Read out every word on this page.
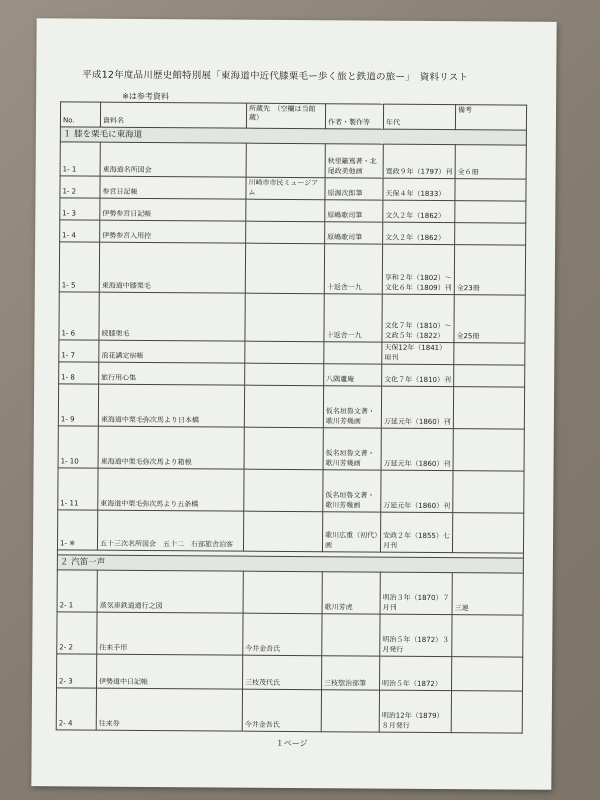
平成12年度品川歴史館特別展「東海道中近代膝栗毛ー歩く旅と鉄道の旅ー」　資料リスト
※は参考資料
No.	資料名	所蔵先　（空欄は当館蔵）	作者・製作等	年代	備考
１ 膝を栗毛に東海道					
1- 1	東海道名所図会		秋里籬嶌著・北尾政美他画	寛政９年（1797）刊	全６冊
1- 2	参宮日記帳	川崎市市民ミュージアム	原源次郎筆	天保４年（1833）	
1- 3	伊勢参宮日記帳		原嶋歌司筆	文久２年（1862）	
1- 4	伊勢参宮入用控		原嶋歌司筆	文久２年（1862）	
1- 5	東海道中膝栗毛		十返舎一九	享和２年（1802）〜文化６年（1809）刊	全23冊
1- 6	続膝栗毛		十返舎一九	文化７年（1810）〜文政５年（1822）	全25冊
1- 7	浪花講定宿帳			天保12年（1841）頃刊	
1- 8	旅行用心集		八隅蘆庵	文化７年（1810）刊	
1- 9	東海道中栗毛弥次馬より日本橋		仮名垣魯文著・歌川芳幾画	万延元年（1860）刊	
1- 10	東海道中栗毛弥次馬より箱根		仮名垣魯文著・歌川芳幾画	万延元年（1860）刊	
1- 11	東海道中栗毛弥次馬より五条橋		仮名垣魯文著・歌川芳幾画	万延元年（1860）刊	
1- ※	五十三次名所図会　五十二　石部旅舎泊客		歌川広重（初代）画	安政２年（1855）七月刊	

２ 汽笛一声					
2- 1	蒸気車鉄道通行之図		歌川芳虎	明治３年（1870）７月刊	三連
2- 2	往来手形	今井金吾氏		明治５年（1872）３月発行	
2- 3	伊勢道中日記帳	三枝茂代氏	三枝惣治部筆	明治５年（1872）	
2- 4	往来券	今井金吾氏		明治12年（1879）８月発行	
１ページ
